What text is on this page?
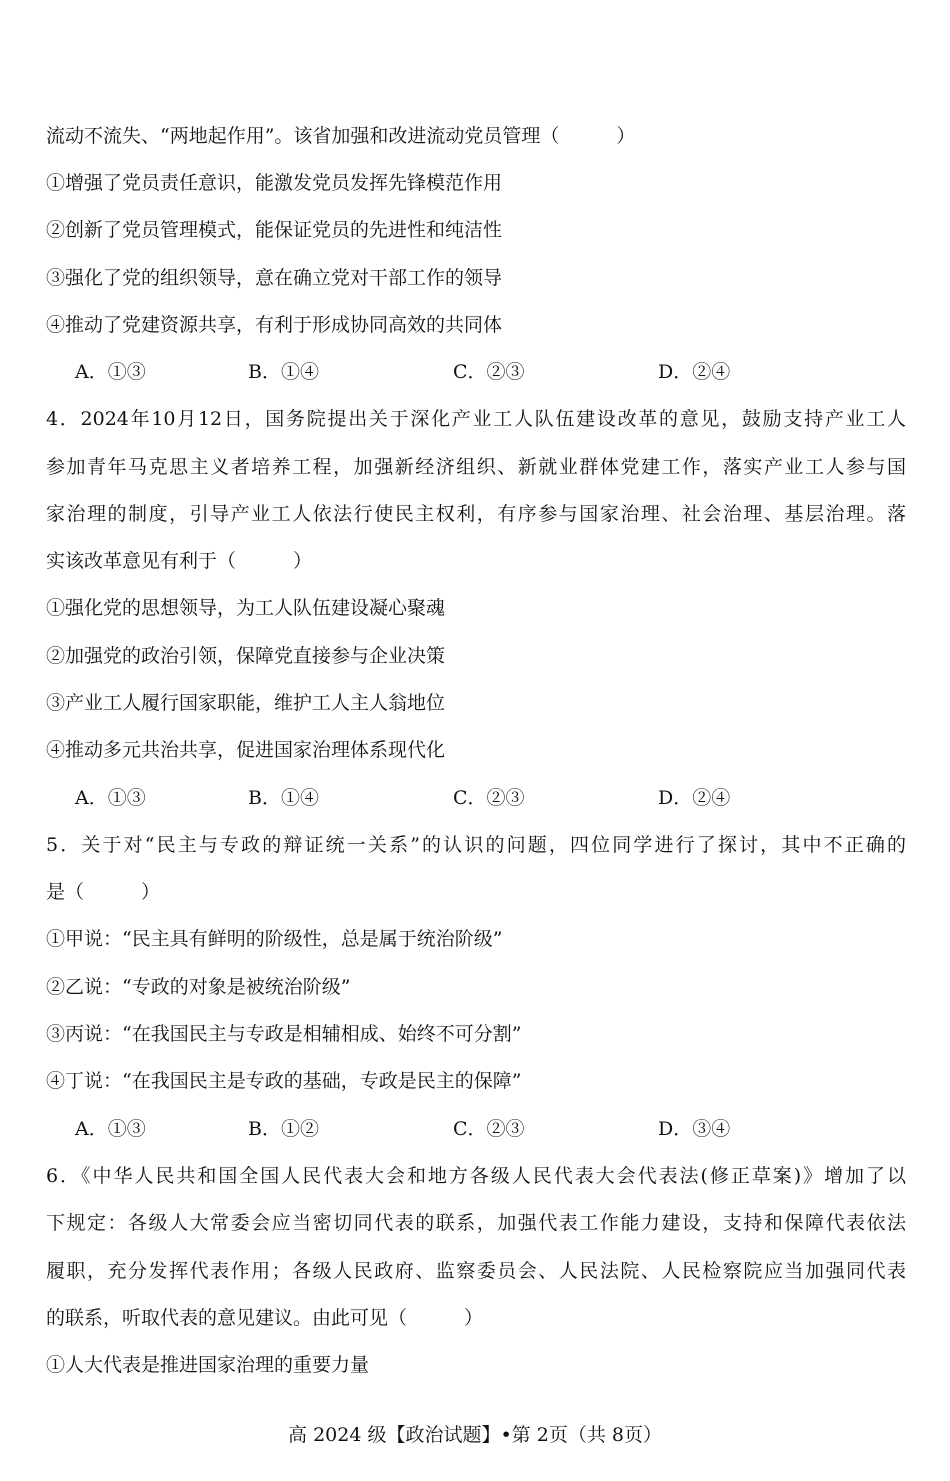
流动不流失、“两地起作用”。该省加强和改进流动党员管理（　　　）
①增强了党员责任意识，能激发党员发挥先锋模范作用
②创新了党员管理模式，能保证党员的先进性和纯洁性
③强化了党的组织领导，意在确立党对干部工作的领导
④推动了党建资源共享，有利于形成协同高效的共同体
A．①③	B．①④	C．②③	D．②④
4．2024年10月12日，国务院提出关于深化产业工人队伍建设改革的意见，鼓励支持产业工人
参加青年马克思主义者培养工程，加强新经济组织、新就业群体党建工作，落实产业工人参与国
家治理的制度，引导产业工人依法行使民主权利，有序参与国家治理、社会治理、基层治理。落
实该改革意见有利于（　　　）
①强化党的思想领导，为工人队伍建设凝心聚魂
②加强党的政治引领，保障党直接参与企业决策
③产业工人履行国家职能，维护工人主人翁地位
④推动多元共治共享，促进国家治理体系现代化
A．①③	B．①④	C．②③	D．②④
5．关于对“民主与专政的辩证统一关系”的认识的问题，四位同学进行了探讨，其中不正确的
是（　　　）
①甲说：“民主具有鲜明的阶级性，总是属于统治阶级”
②乙说：“专政的对象是被统治阶级”
③丙说：“在我国民主与专政是相辅相成、始终不可分割”
④丁说：“在我国民主是专政的基础，专政是民主的保障”
A．①③	B．①②	C．②③	D．③④
6．《中华人民共和国全国人民代表大会和地方各级人民代表大会代表法(修正草案)》增加了以
下规定：各级人大常委会应当密切同代表的联系，加强代表工作能力建设，支持和保障代表依法
履职，充分发挥代表作用；各级人民政府、监察委员会、人民法院、人民检察院应当加强同代表
的联系，听取代表的意见建议。由此可见（　　　）
①人大代表是推进国家治理的重要力量
高 2024 级【政治试题】•第 2页（共 8页）
